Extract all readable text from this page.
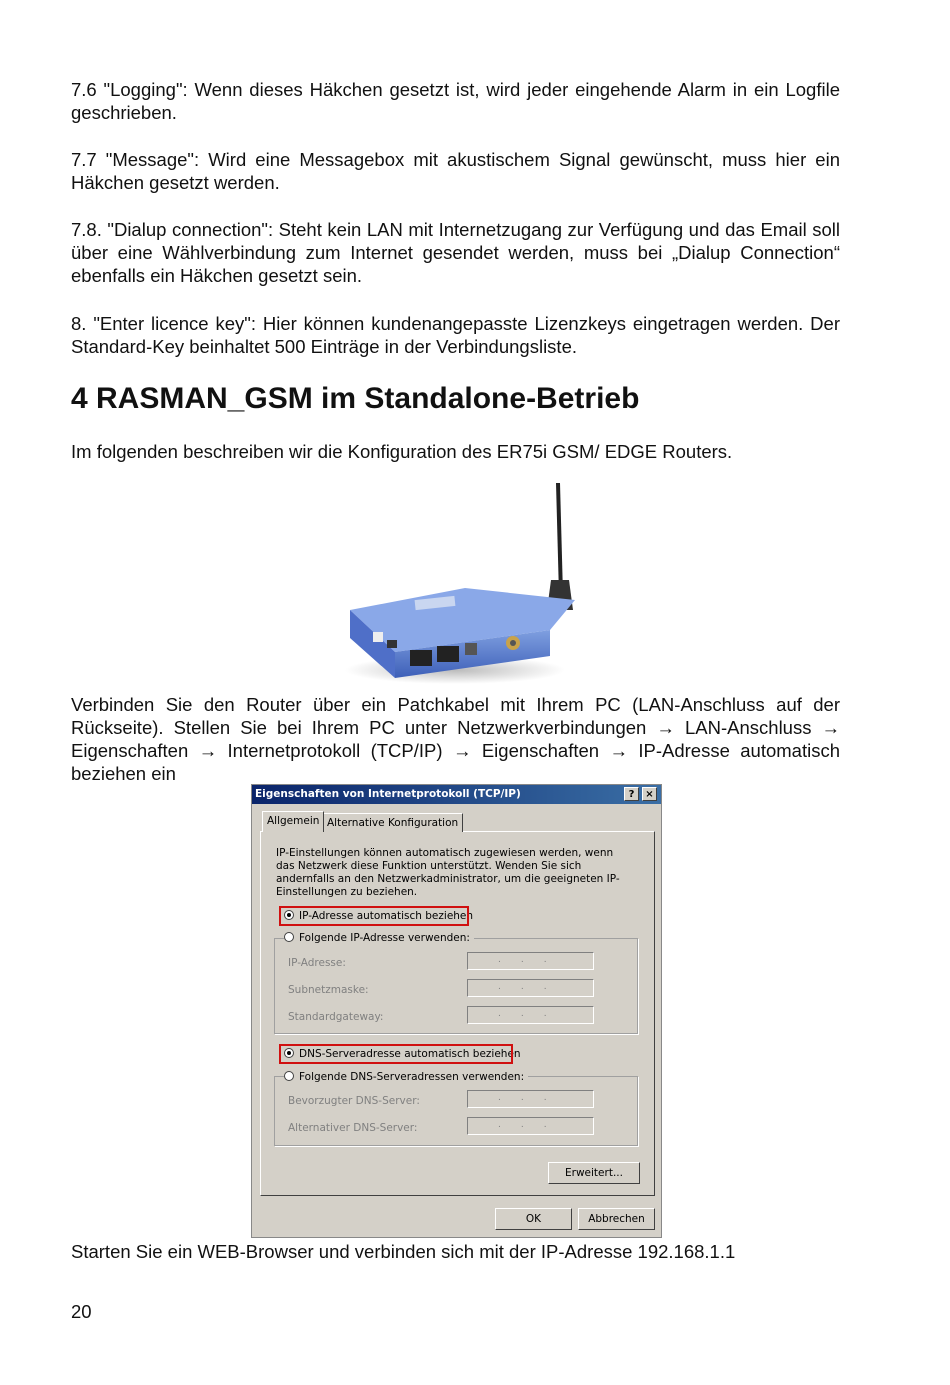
7.6 "Logging": Wenn dieses Häkchen gesetzt ist, wird jeder eingehende Alarm in ein Logfile geschrieben.

7.7 "Message": Wird eine Messagebox mit akustischem Signal gewünscht, muss hier ein Häkchen gesetzt werden.

7.8. "Dialup connection": Steht kein LAN mit Internetzugang zur Verfügung und das Email soll über eine Wählverbindung zum Internet gesendet werden, muss bei „Dialup Connection“ ebenfalls ein Häkchen gesetzt sein.

8. "Enter licence key": Hier können kundenangepasste Lizenzkeys eingetragen werden. Der Standard-Key beinhaltet 500 Einträge in der Verbindungsliste.

4 RASMAN_GSM im Standalone-Betrieb

Im folgenden beschreiben wir die Konfiguration des ER75i GSM/ EDGE Routers.

Verbinden Sie den Router über ein Patchkabel mit Ihrem PC (LAN-Anschluss auf der Rückseite). Stellen Sie bei Ihrem PC unter Netzwerkverbindungen → LAN-Anschluss → Eigenschaften → Internetprotokoll (TCP/IP) → Eigenschaften → IP-Adresse automatisch beziehen ein

Eigenschaften von Internetprotokoll (TCP/IP)	?	×
Allgemein Alternative Konfiguration
IP-Einstellungen können automatisch zugewiesen werden, wenn das Netzwerk diese Funktion unterstützt. Wenden Sie sich andernfalls an den Netzwerkadministrator, um die geeigneten IP-Einstellungen zu beziehen.
IP-Adresse automatisch beziehen
Folgende IP-Adresse verwenden:
IP-Adresse:	...
Subnetzmaske:	...
Standardgateway:	...
DNS-Serveradresse automatisch beziehen
Folgende DNS-Serveradressen verwenden:
Bevorzugter DNS-Server:	...
Alternativer DNS-Server:	...
Erweitert...
OK	Abbrechen

Starten Sie ein WEB-Browser und verbinden sich mit der IP-Adresse 192.168.1.1

20
